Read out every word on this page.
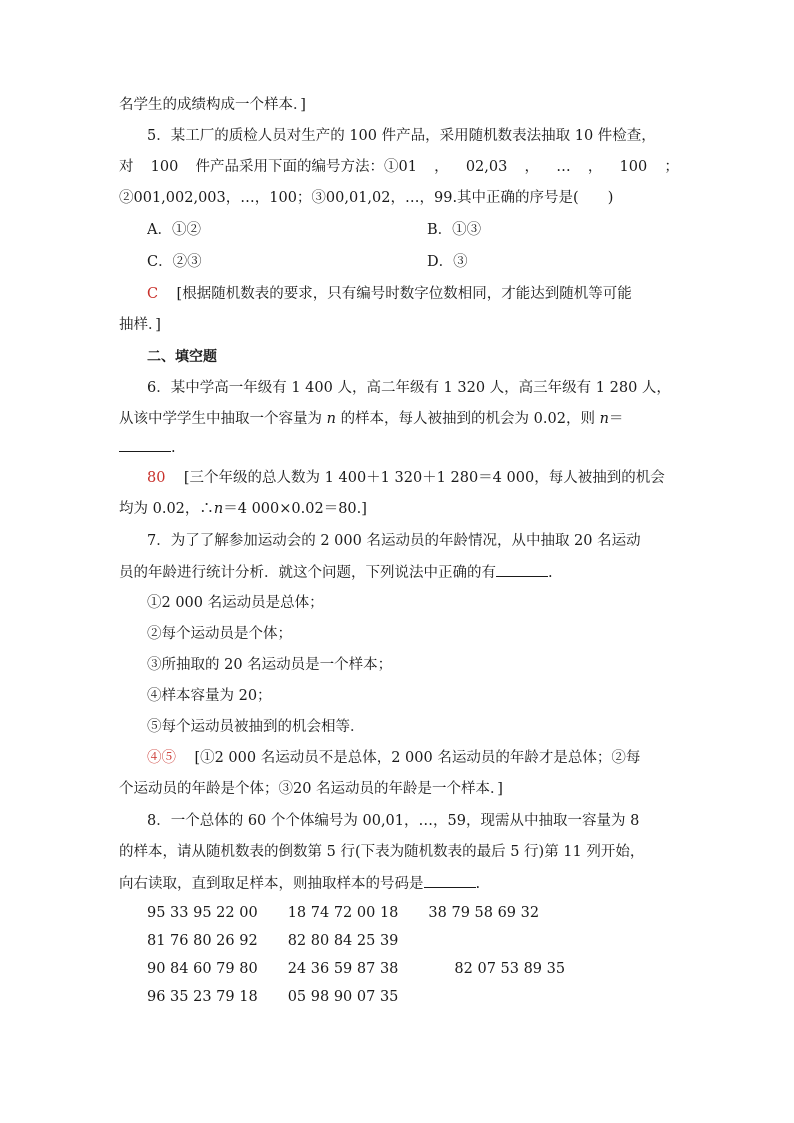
名学生的成绩构成一个样本．]
5．某工厂的质检人员对生产的 100 件产品，采用随机数表法抽取 10 件检查，
对 100 件产品采用下面的编号方法：①01 ， 02,03 ， … ， 100 ；
②001,002,003，…，100；③00,01,02，…，99.其中正确的序号是(　　)
A．①②	B．①③
C．②③	D．③
C [根据随机数表的要求，只有编号时数字位数相同，才能达到随机等可能
抽样．]
二、填空题
6．某中学高一年级有 1 400 人，高二年级有 1 320 人，高三年级有 1 280 人，
从该中学学生中抽取一个容量为 n 的样本，每人被抽到的机会为 0.02，则 n＝
.
80 [三个年级的总人数为 1 400＋1 320＋1 280＝4 000，每人被抽到的机会
均为 0.02，∴n＝4 000×0.02＝80.]
7．为了了解参加运动会的 2 000 名运动员的年龄情况，从中抽取 20 名运动
员的年龄进行统计分析．就这个问题，下列说法中正确的有	.
①2 000 名运动员是总体；
②每个运动员是个体；
③所抽取的 20 名运动员是一个样本；
④样本容量为 20；
⑤每个运动员被抽到的机会相等．
④⑤ [①2 000 名运动员不是总体，2 000 名运动员的年龄才是总体；②每
个运动员的年龄是个体；③20 名运动员的年龄是一个样本．]
8．一个总体的 60 个个体编号为 00,01，…，59，现需从中抽取一容量为 8
的样本，请从随机数表的倒数第 5 行(下表为随机数表的最后 5 行)第 11 列开始，
向右读取，直到取足样本，则抽取样本的号码是	.
95 33 95 22 00 18 74 72 00 18 38 79 58 69 32
81 76 80 26 92 82 80 84 25 39
90 84 60 79 80 24 36 59 87 38	82 07 53 89 35
96 35 23 79 18 05 98 90 07 35
